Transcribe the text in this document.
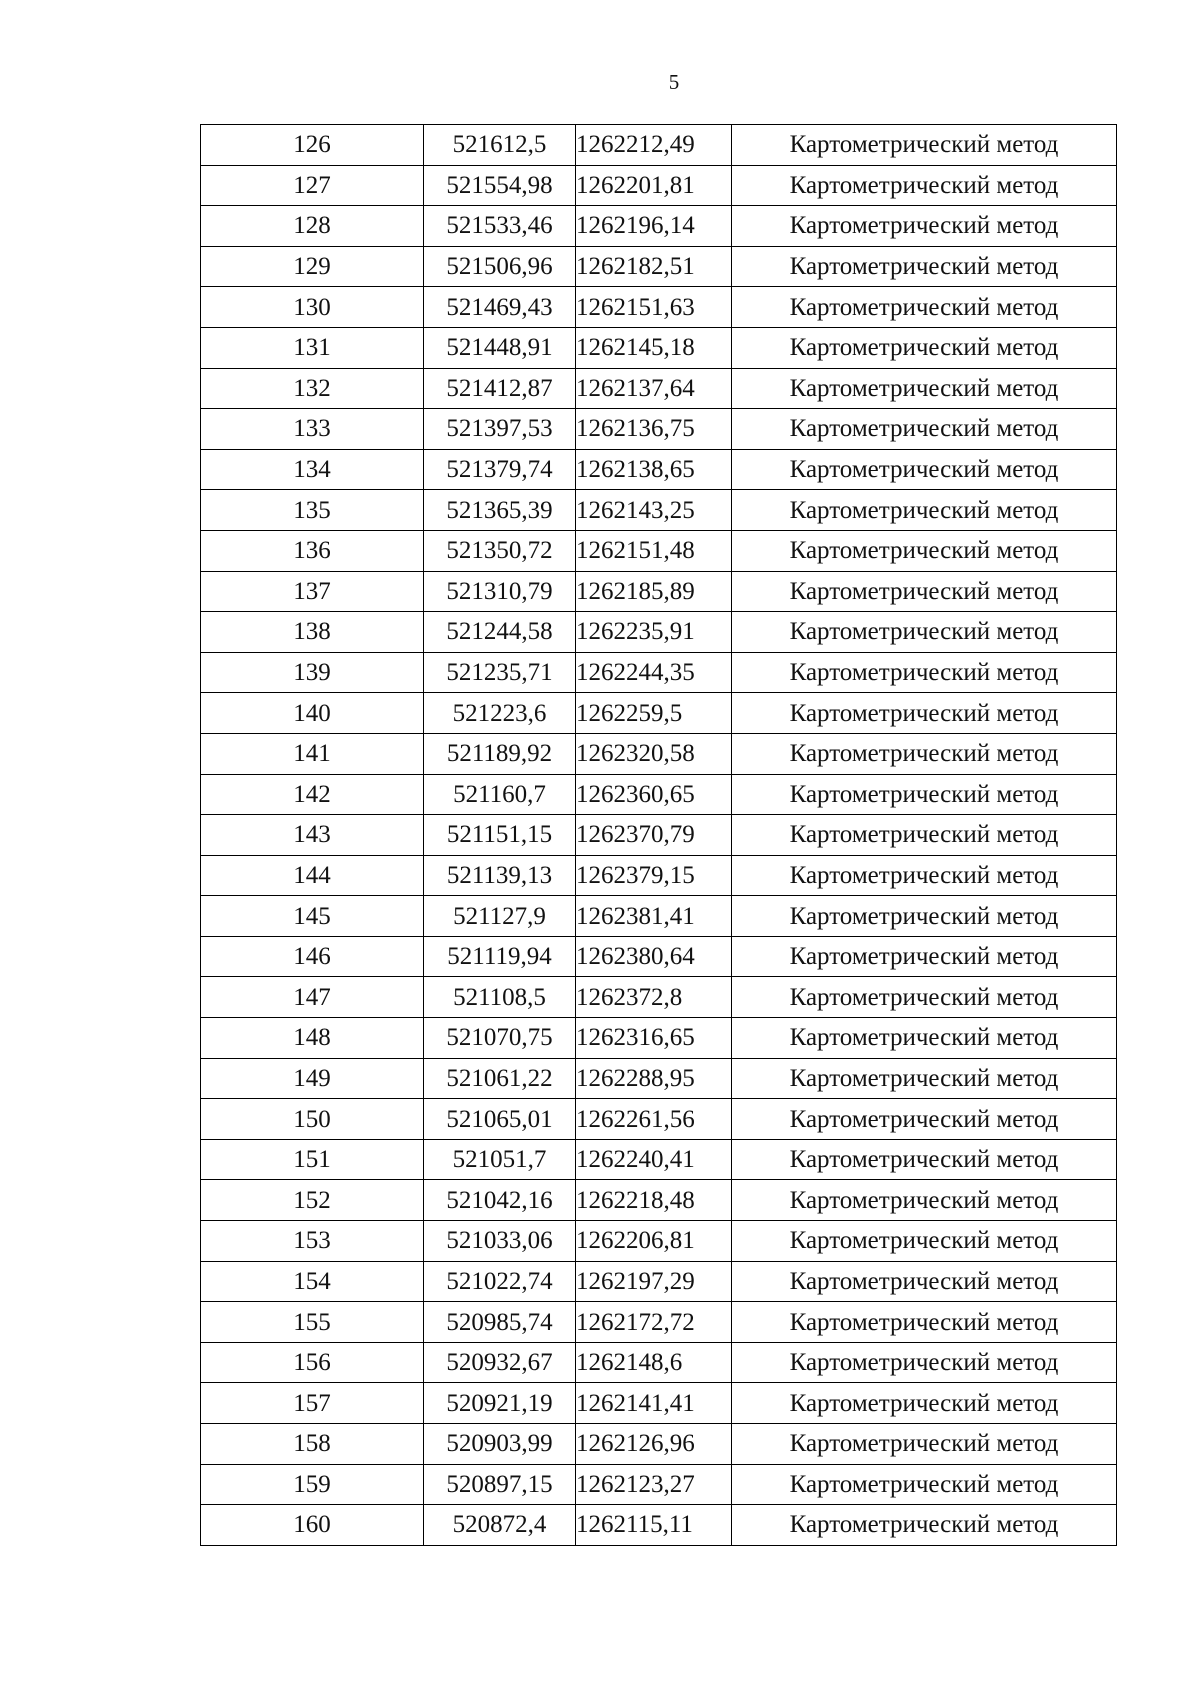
5
126	521612,5	1262212,49	Картометрический метод
127	521554,98	1262201,81	Картометрический метод
128	521533,46	1262196,14	Картометрический метод
129	521506,96	1262182,51	Картометрический метод
130	521469,43	1262151,63	Картометрический метод
131	521448,91	1262145,18	Картометрический метод
132	521412,87	1262137,64	Картометрический метод
133	521397,53	1262136,75	Картометрический метод
134	521379,74	1262138,65	Картометрический метод
135	521365,39	1262143,25	Картометрический метод
136	521350,72	1262151,48	Картометрический метод
137	521310,79	1262185,89	Картометрический метод
138	521244,58	1262235,91	Картометрический метод
139	521235,71	1262244,35	Картометрический метод
140	521223,6	1262259,5	Картометрический метод
141	521189,92	1262320,58	Картометрический метод
142	521160,7	1262360,65	Картометрический метод
143	521151,15	1262370,79	Картометрический метод
144	521139,13	1262379,15	Картометрический метод
145	521127,9	1262381,41	Картометрический метод
146	521119,94	1262380,64	Картометрический метод
147	521108,5	1262372,8	Картометрический метод
148	521070,75	1262316,65	Картометрический метод
149	521061,22	1262288,95	Картометрический метод
150	521065,01	1262261,56	Картометрический метод
151	521051,7	1262240,41	Картометрический метод
152	521042,16	1262218,48	Картометрический метод
153	521033,06	1262206,81	Картометрический метод
154	521022,74	1262197,29	Картометрический метод
155	520985,74	1262172,72	Картометрический метод
156	520932,67	1262148,6	Картометрический метод
157	520921,19	1262141,41	Картометрический метод
158	520903,99	1262126,96	Картометрический метод
159	520897,15	1262123,27	Картометрический метод
160	520872,4	1262115,11	Картометрический метод
